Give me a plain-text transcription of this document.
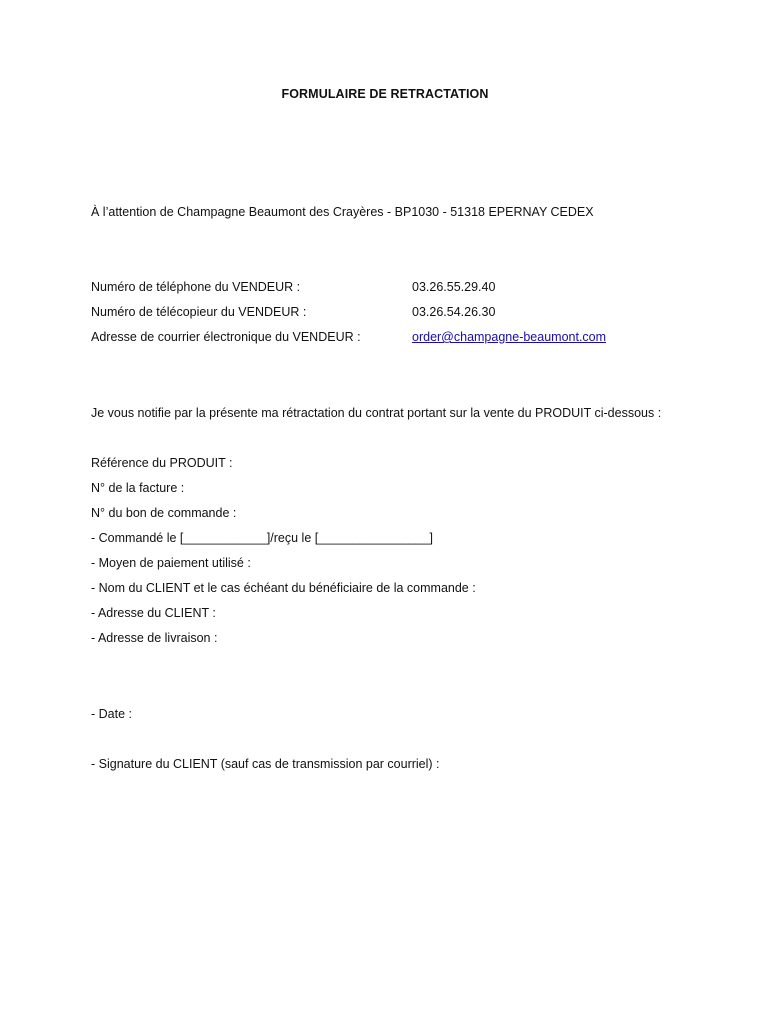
FORMULAIRE DE RETRACTATION
À l’attention de Champagne Beaumont des Crayères - BP1030 - 51318 EPERNAY CEDEX
Numéro de téléphone du VENDEUR :	03.26.55.29.40
Numéro de télécopieur du VENDEUR :	03.26.54.26.30
Adresse de courrier électronique du VENDEUR :	order@champagne-beaumont.com
Je vous notifie par la présente ma rétractation du contrat portant sur la vente du PRODUIT ci-dessous :
Référence du PRODUIT :
N° de la facture :
N° du bon de commande :
- Commandé le [____________]/reçu le [________________]
- Moyen de paiement utilisé :
- Nom du CLIENT et le cas échéant du bénéficiaire de la commande :
- Adresse du CLIENT :
- Adresse de livraison :
- Date :
- Signature du CLIENT (sauf cas de transmission par courriel) :
